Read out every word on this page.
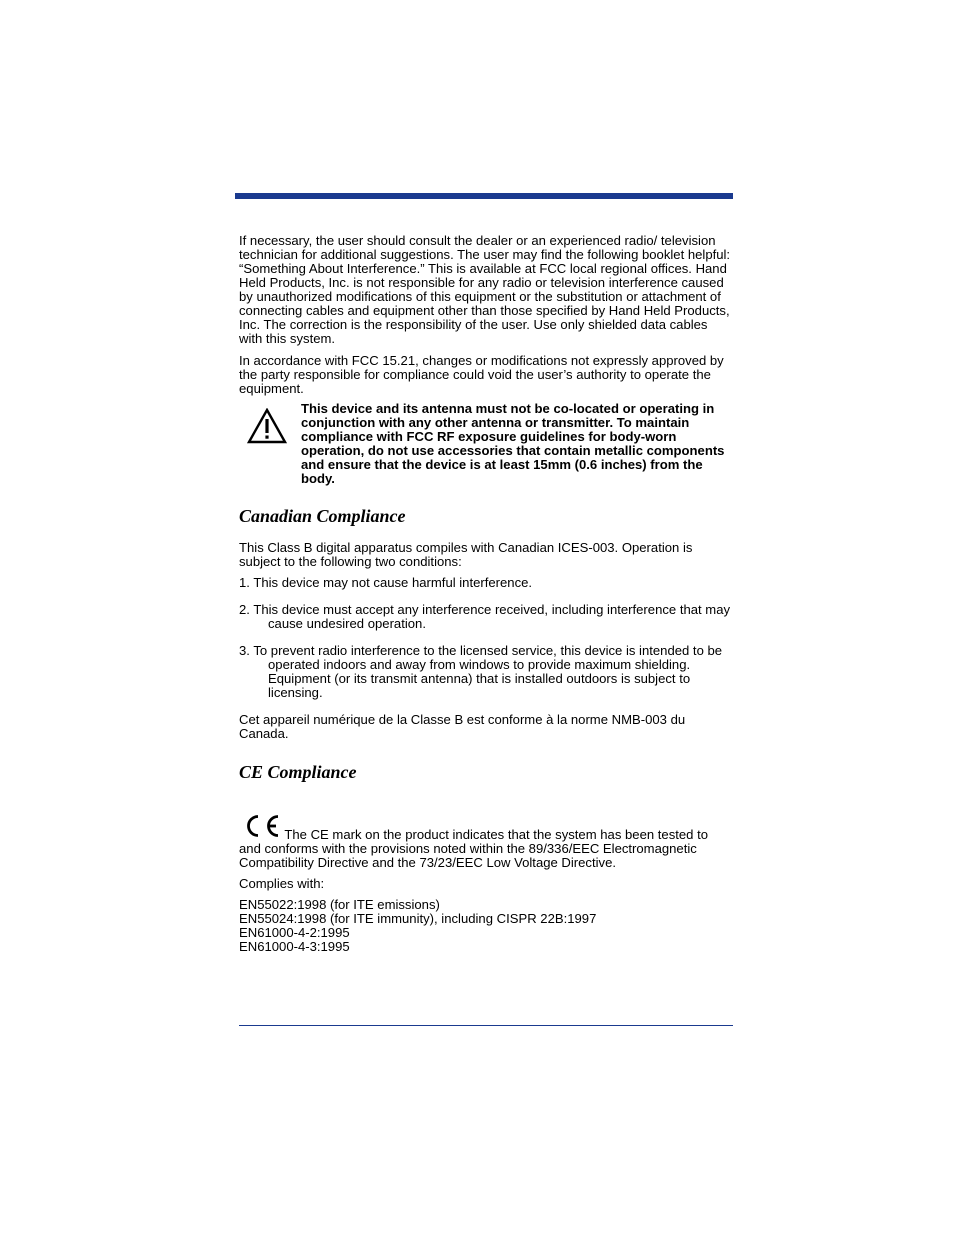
If necessary, the user should consult the dealer or an experienced radio/ television technician for additional suggestions. The user may find the following booklet helpful: “Something About Interference.” This is available at FCC local regional offices. Hand Held Products, Inc. is not responsible for any radio or television interference caused by unauthorized modifications of this equipment or the substitution or attachment of connecting cables and equipment other than those specified by Hand Held Products, Inc. The correction is the responsibility of the user. Use only shielded data cables with this system.

In accordance with FCC 15.21, changes or modifications not expressly approved by the party responsible for compliance could void the user’s authority to operate the equipment.

This device and its antenna must not be co-located or operating in conjunction with any other antenna or transmitter. To maintain compliance with FCC RF exposure guidelines for body-worn operation, do not use accessories that contain metallic components and ensure that the device is at least 15mm (0.6 inches) from the body.

Canadian Compliance

This Class B digital apparatus compiles with Canadian ICES-003. Operation is subject to the following two conditions:

1. This device may not cause harmful interference.
2. This device must accept any interference received, including interference that may cause undesired operation.
3. To prevent radio interference to the licensed service, this device is intended to be operated indoors and away from windows to provide maximum shielding. Equipment (or its transmit antenna) that is installed outdoors is subject to licensing.

Cet appareil numérique de la Classe B est conforme à la norme NMB-003 du Canada.

CE Compliance

The CE mark on the product indicates that the system has been tested to and conforms with the provisions noted within the 89/336/EEC Electromagnetic Compatibility Directive and the 73/23/EEC Low Voltage Directive.

Complies with:

EN55022:1998 (for ITE emissions)
EN55024:1998 (for ITE immunity), including CISPR 22B:1997
EN61000-4-2:1995
EN61000-4-3:1995
